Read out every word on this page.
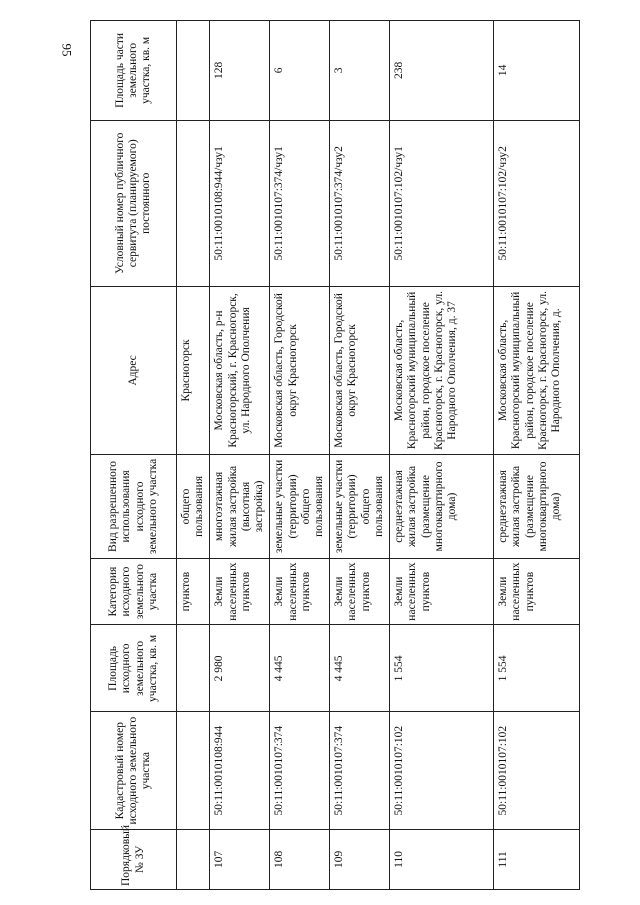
95
Порядковый № ЗУ	Кадастровый номер исходного земельного участка	Площадь исходного земельного участка, кв. м	Категория исходного земельного участка	Вид разрешенного использования исходного земельного участка	Адрес	Условный номер публичного сервитута (планируемого) постоянного	Площадь части земельного участка, кв. м
			пунктов	общего пользования	Красногорск		
107	50:11:0010108:944	2 980	Земли населенных пунктов	многоэтажная жилая застройка (высотная застройка)	Московская область, р-н Красногорский, г. Красногорск, ул. Народного Ополчения	50:11:0010108:944/чзу1	128
108	50:11:0010107:374	4 445	Земли населенных пунктов	земельные участки (территории) общего пользования	Московская область, Городской округ Красногорск	50:11:0010107:374/чзу1	6
109	50:11:0010107:374	4 445	Земли населенных пунктов	земельные участки (территории) общего пользования	Московская область, Городской округ Красногорск	50:11:0010107:374/чзу2	3
110	50:11:0010107:102	1 554	Земли населенных пунктов	среднеэтажная жилая застройка (размещение многоквартирного дома)	Московская область, Красногорский муниципальный район, городское поселение Красногорск, г. Красногорск, ул. Народного Ополчения, д. 37	50:11:0010107:102/чзу1	238
111	50:11:0010107:102	1 554	Земли населенных пунктов	среднеэтажная жилая застройка (размещение многоквартирного дома)	Московская область, Красногорский муниципальный район, городское поселение Красногорск, г. Красногорск, ул. Народного Ополчения, д.	50:11:0010107:102/чзу2	14
